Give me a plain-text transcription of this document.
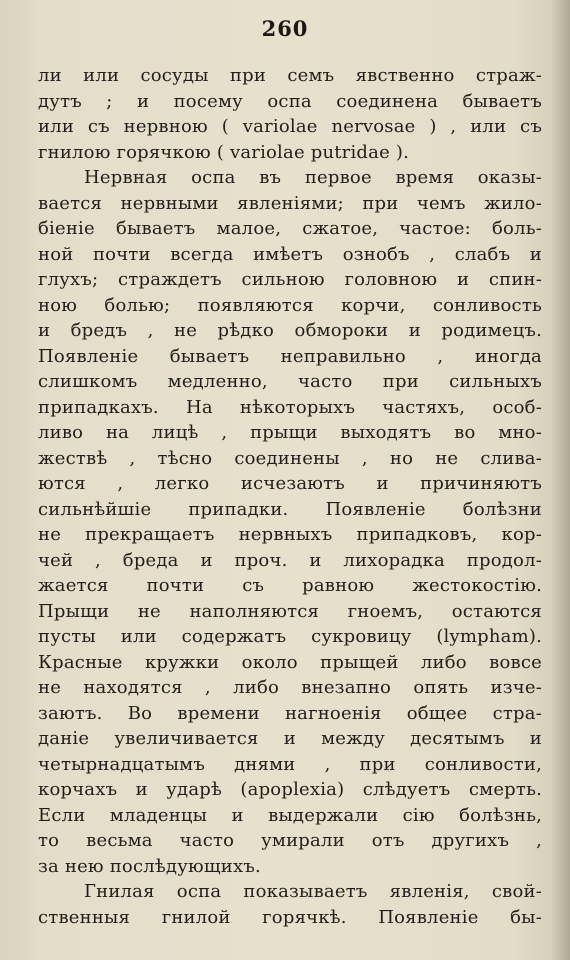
260
ли или сосуды при семъ явственно страж-
дутъ ; и посему оспа соединена бываетъ
или съ нервною ( variolae nervosae ) , или съ
гнилою горячкою ( variolae putridae ).
Нервная оспа въ первое время оказы-
вается нервными явленіями; при чемъ жило-
біеніе бываетъ малое, сжатое, частое: боль-
ной почти всегда имѣетъ ознобъ , слабъ и
глухъ; страждетъ сильною головною и спин-
ною болью; появляются корчи, сонливость
и бредъ , не рѣдко обмороки и родимецъ.
Появленіе бываетъ неправильно , иногда
слишкомъ медленно, часто при сильныхъ
припадкахъ. На нѣкоторыхъ частяхъ, особ-
ливо на лицѣ , прыщи выходятъ во мно-
жествѣ , тѣсно соединены , но не слива-
ются , легко исчезаютъ и причиняютъ
сильнѣйшіе припадки. Появленіе болѣзни
не прекращаетъ нервныхъ припадковъ, кор-
чей , бреда и проч. и лихорадка продол-
жается почти съ равною жестокостію.
Прыщи не наполняются гноемъ, остаются
пусты или содержатъ сукровицу (lympham).
Красные кружки около прыщей либо вовсе
не находятся , либо внезапно опять изче-
заютъ. Во времени нагноенія общее стра-
даніе увеличивается и между десятымъ и
четырнадцатымъ днями , при сонливости,
корчахъ и ударѣ (apoplexia) слѣдуетъ смерть.
Если младенцы и выдержали сію болѣзнь,
то весьма часто умирали отъ другихъ ,
за нею послѣдующихъ.
Гнилая оспа показываетъ явленія, свой-
ственныя гнилой горячкѣ. Появленіе бы-
